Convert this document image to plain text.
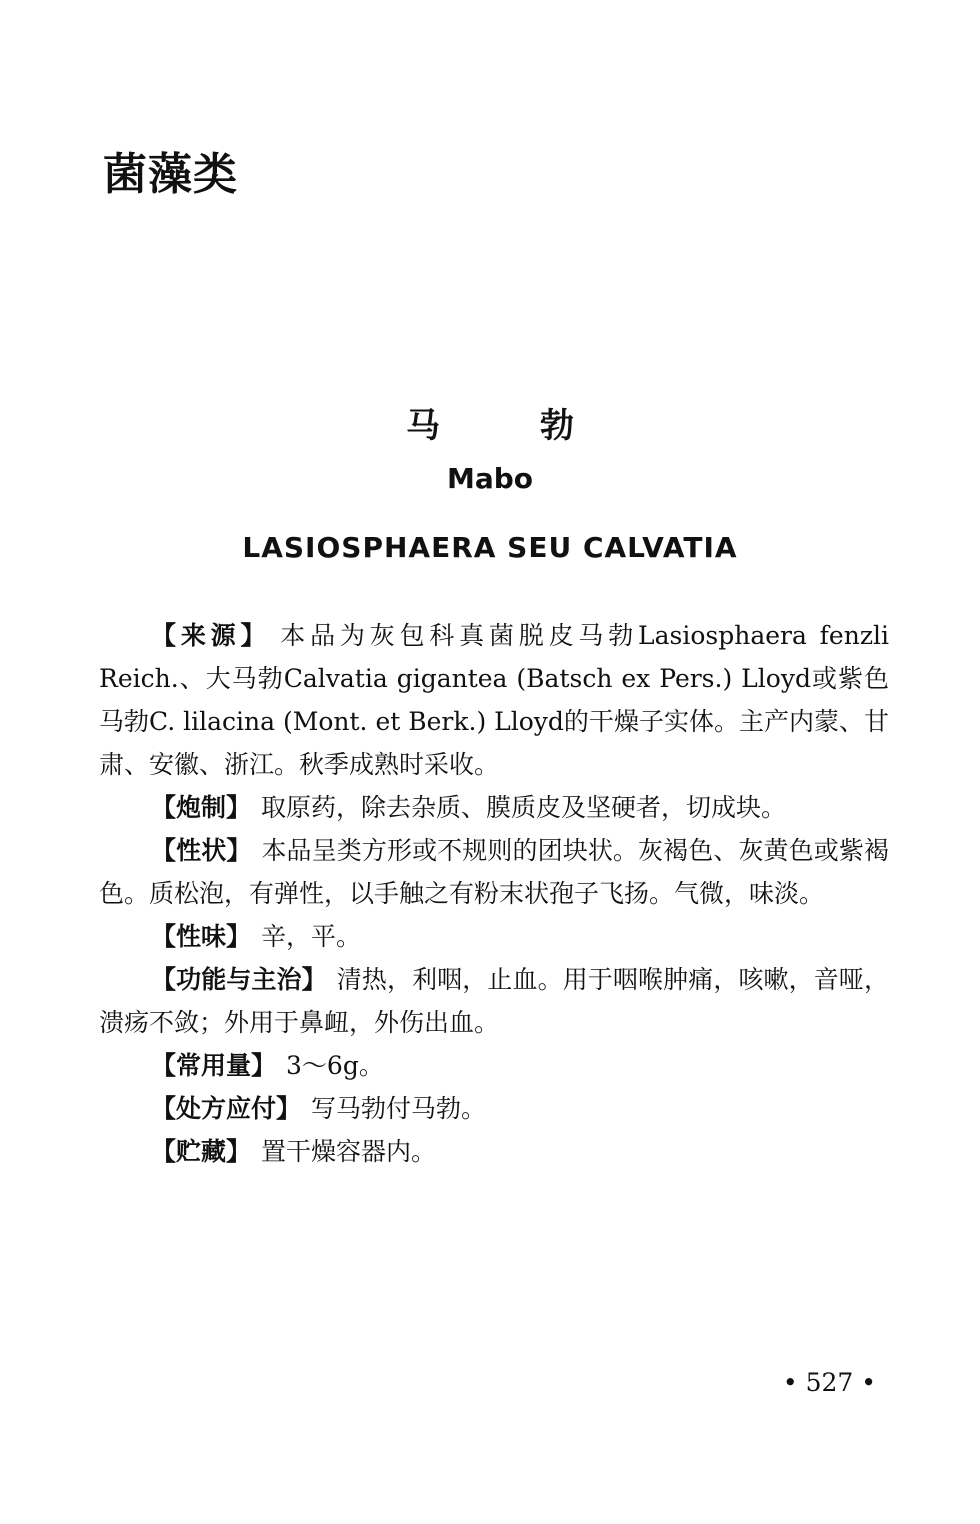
菌藻类
马	勃

Mabo

LASIOSPHAERA SEU CALVATIA

【来源】 本品为灰包科真菌脱皮马勃Lasiosphaera fenzli Reich.、大马勃Calvatia gigantea (Batsch ex Pers.) Lloyd或紫色马勃C. lilacina (Mont. et Berk.) Lloyd的干燥子实体。主产内蒙、甘肃、安徽、浙江。秋季成熟时采收。

【炮制】 取原药，除去杂质、膜质皮及坚硬者，切成块。

【性状】 本品呈类方形或不规则的团块状。灰褐色、灰黄色或紫褐色。质松泡，有弹性，以手触之有粉末状孢子飞扬。气微，味淡。

【性味】 辛，平。

【功能与主治】 清热，利咽，止血。用于咽喉肿痛，咳嗽，音哑，溃疡不敛；外用于鼻衄，外伤出血。

【常用量】 3～6g。

【处方应付】 写马勃付马勃。

【贮藏】 置干燥容器内。

• 527 •
